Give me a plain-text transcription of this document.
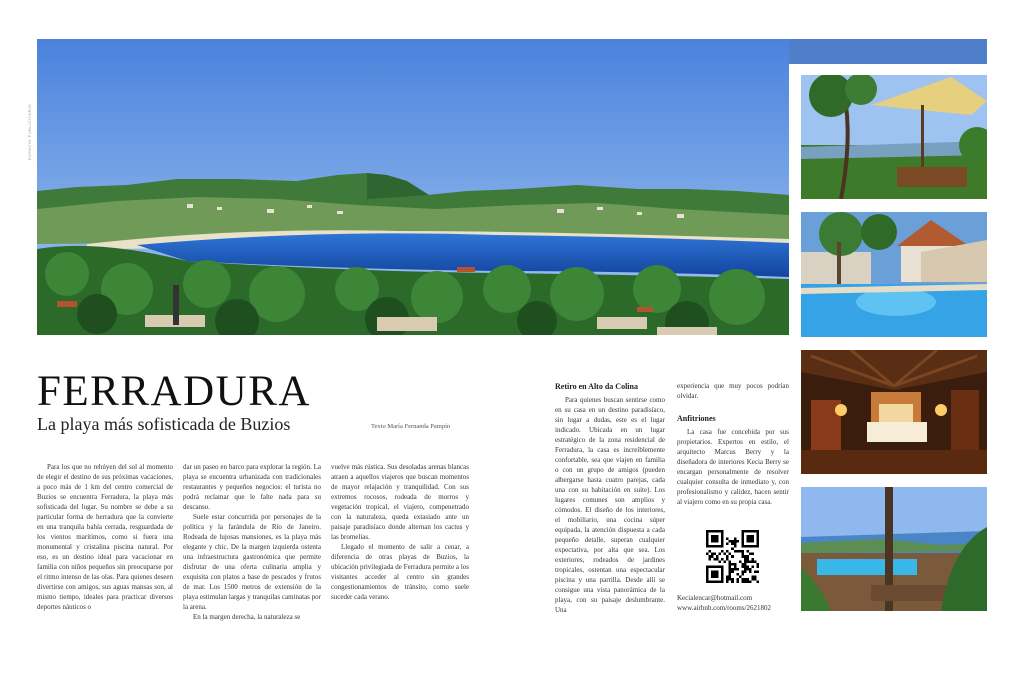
ESPACIO PUBLICITARIO
FERRADURA
La playa más sofisticada de Buzios	Texto María Fernanda Pampín

Para los que no rehúyen del sol al momento de elegir el destino de sus próximas vacaciones, a poco más de 1 km del centro comercial de Buzios se encuentra Ferradura, la playa más sofisticada del lugar. Su nombre se debe a su particular forma de herradura que la convierte en una tranquila bahía cerrada, resguardada de los vientos marítimos, como si fuera una monumental y cristalina piscina natural. Por eso, es un destino ideal para vacacionar en familia con niños pequeños sin preocuparse por el ritmo intenso de las olas. Para quienes deseen divertirse con amigos, sus aguas mansas son, al mismo tiempo, ideales para practicar diversos deportes náuticos o

dar un paseo en barco para explorar la región. La playa se encuentra urbanizada con tradicionales restaurantes y pequeños negocios: el turista no podrá reclamar que le falte nada para su descanso.

Suele estar concurrida por personajes de la política y la farándula de Río de Janeiro. Rodeada de lujosas mansiones, es la playa más elegante y chic. De la margen izquierda ostenta una infraestructura gastronómica que permite disfrutar de una oferta culinaria amplia y exquisita con platos a base de pescados y frutos de mar. Los 1500 metros de extensión de la playa estimulan largas y tranquilas caminatas por la arena.

En la margen derecha, la naturaleza se

vuelve más rústica. Sus desoladas arenas blancas atraen a aquellos viajeros que buscan momentos de mayor relajación y tranquilidad. Con sus extremos rocosos, rodeada de morros y vegetación tropical, el viajero, compenetrado con la naturaleza, queda extasiado ante un paisaje paradisíaco donde alternan los cactus y las bromelias.

Llegado el momento de salir a cenar, a diferencia de otras playas de Buzios, la ubicación privilegiada de Ferradura permite a los visitantes acceder al centro sin grandes congestionamientos de tránsito, como suele suceder cada verano.

Retiro en Alto da Colina

Para quienes buscan sentirse como en su casa en un destino paradisíaco, sin lugar a dudas, este es el lugar indicado. Ubicada en un lugar estratégico de la zona residencial de Ferradura, la casa es increíblemente confortable, sea que viajen en familia o con un grupo de amigos (pueden albergarse hasta cuatro parejas, cada una con su habitación en suite). Los lugares comunes son amplios y cómodos. El diseño de los interiores, el mobiliario, una cocina súper equipada, la atención dispuesta a cada pequeño detalle, superan cualquier expectativa, por alta que sea. Los exteriores, rodeados de jardines tropicales, ostentan una espectacular piscina y una parrilla. Desde allí se consigue una vista panorámica de la playa, con su paisaje deslumbrante. Una

experiencia que muy pocos podrían olvidar.

Anfitriones

La casa fue concebida por sus propietarios. Expertos en estilo, el arquitecto Marcus Berry y la diseñadora de interiores Kecia Berry se encargan personalmente de resolver cualquier consulta de inmediato y, con profesionalismo y calidez, hacen sentir al viajero como en su propia casa.

Kecialencar@hotmail.com
www.airbnb.com/rooms/2621802
